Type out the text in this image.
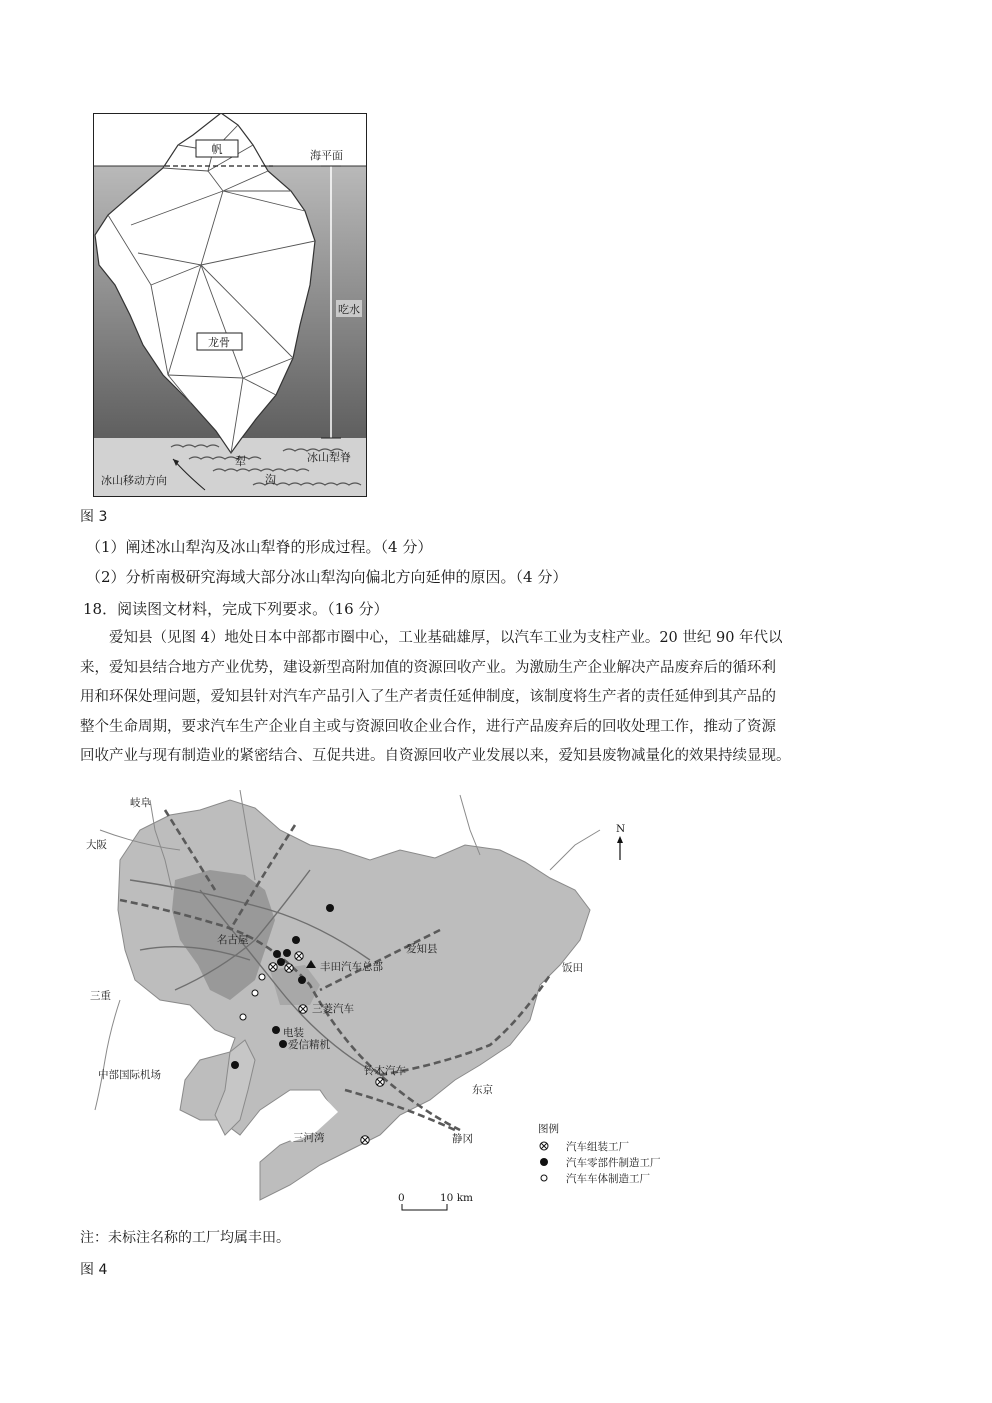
帆	海平面
龙骨
吃水
冰山犁脊
犁
沟
冰山移动方向
图 3
（1）阐述冰山犁沟及冰山犁脊的形成过程。（4 分）
（2）分析南极研究海域大部分冰山犁沟向偏北方向延伸的原因。（4 分）
18．阅读图文材料，完成下列要求。（16 分）
爱知县（见图 4）地处日本中部都市圈中心，工业基础雄厚，以汽车工业为支柱产业。20 世纪 90 年代以
来，爱知县结合地方产业优势，建设新型高附加值的资源回收产业。为激励生产企业解决产品废弃后的循环利
用和环保处理问题，爱知县针对汽车产品引入了生产者责任延伸制度，该制度将生产者的责任延伸到其产品的
整个生命周期，要求汽车生产企业自主或与资源回收企业合作，进行产品废弃后的回收处理工作，推动了资源
回收产业与现有制造业的紧密结合、互促共进。自资源回收产业发展以来，爱知县废物减量化的效果持续显现。
岐阜
大阪
名古屋
爱知县
丰田汽车总部	饭田
三重
三菱汽车
电装
爱信精机
中部国际机场	铃木汽车
东京
三河湾	静冈
N
图例
汽车组装工厂
汽车零部件制造工厂
汽车车体制造工厂
0	10 km
注：未标注名称的工厂均属丰田。
图 4
